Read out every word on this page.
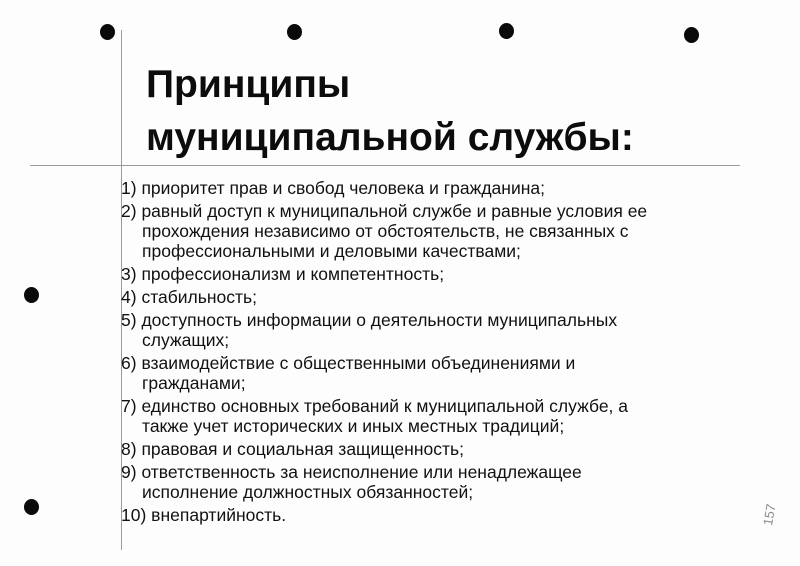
Принципы
муниципальной службы:
1) приоритет прав и свобод человека и гражданина;
2) равный доступ к муниципальной службе и равные условия ее
прохождения независимо от обстоятельств, не связанных с
профессиональными и деловыми качествами;
3) профессионализм и компетентность;
4) стабильность;
5) доступность информации о деятельности муниципальных
служащих;
6) взаимодействие с общественными объединениями и
гражданами;
7) единство основных требований к муниципальной службе, а
также учет исторических и иных местных традиций;
8) правовая и социальная защищенность;
9) ответственность за неисполнение или ненадлежащее
исполнение должностных обязанностей;
10) внепартийность.	157
